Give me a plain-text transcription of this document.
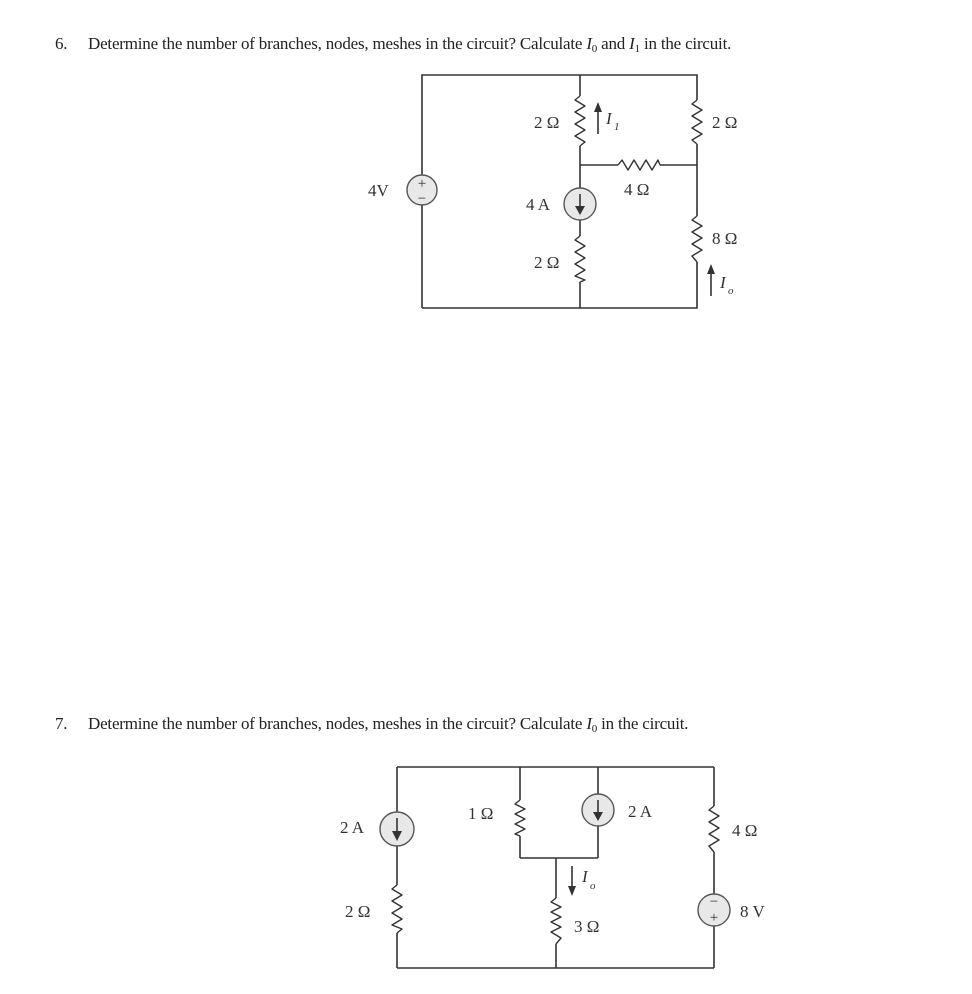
6. Determine the number of branches, nodes, meshes in the circuit? Calculate $I_0$ and $I_1$ in the circuit.
+
−
4V
4 A
2 Ω
2 Ω
4 Ω
2 Ω
8 Ω
I 1
I o
7. Determine the number of branches, nodes, meshes in the circuit? Calculate $I_0$ in the circuit.
2 A
2 A
−
+ 8 V
2 Ω
1 Ω
3 Ω
4 Ω
I o
